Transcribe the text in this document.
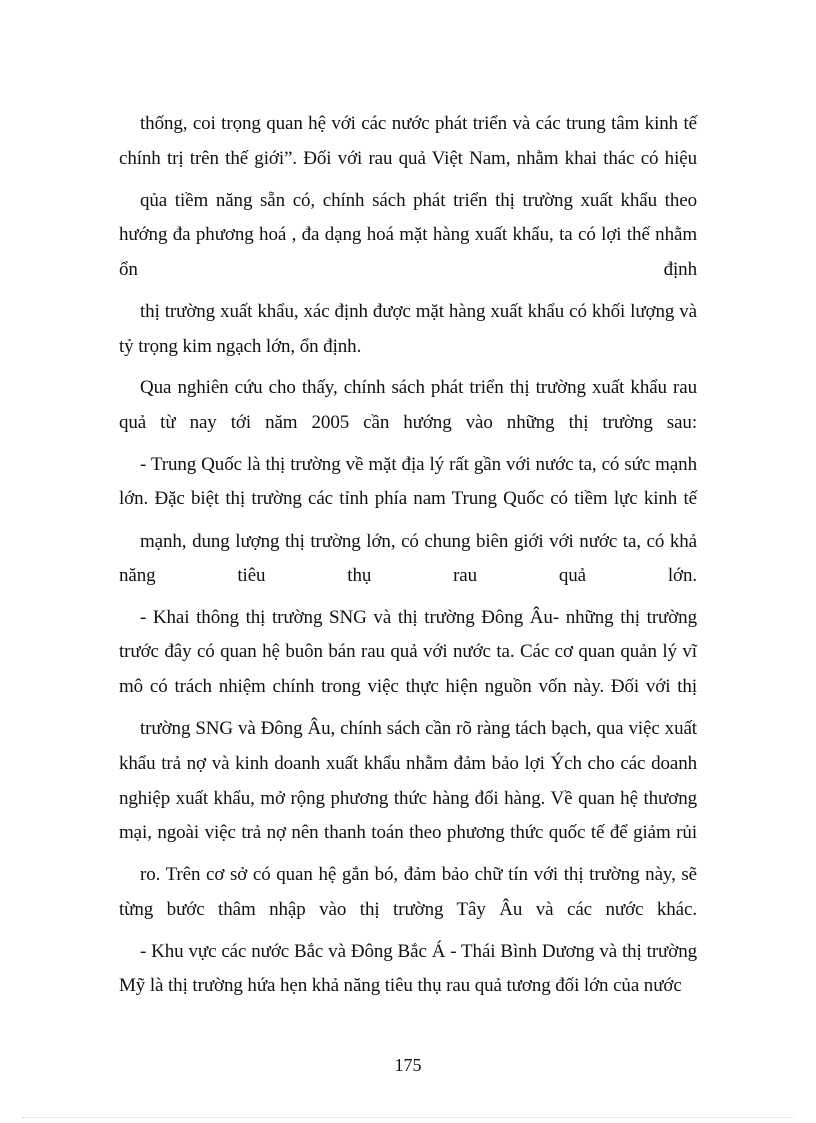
thống, coi trọng quan hệ với các nước phát triển và các trung tâm kinh tế
chính trị trên thế giới”. Đối với rau quả Việt Nam, nhằm khai thác có hiệu
qủa tiềm năng sẵn có, chính sách phát triển thị trường xuất khẩu theo
hướng đa phương hoá , đa dạng hoá mặt hàng xuất khẩu, ta có lợi thế nhằm
ổn định
thị trường xuất khẩu, xác định được mặt hàng xuất khẩu có khối lượng và
tỷ trọng kim ngạch lớn, ổn định.
Qua nghiên cứu cho thấy, chính sách phát triển thị trường xuất khẩu rau
quả từ nay tới năm 2005 cần hướng vào những thị trường sau:
- Trung Quốc là thị trường về mặt địa lý rất gần với nước ta, có sức mạnh
lớn. Đặc biệt thị trường các tỉnh phía nam Trung Quốc có tiềm lực kinh tế
mạnh, dung lượng thị trường lớn, có chung biên giới với nước ta, có khả
năng tiêu thụ rau quả lớn.
- Khai thông thị trường SNG và thị trường Đông Âu- những thị trường
trước đây có quan hệ buôn bán rau quả với nước ta. Các cơ quan quản lý vĩ
mô có trách nhiệm chính trong việc thực hiện nguồn vốn này. Đối với thị
trường SNG và Đông Âu, chính sách cần rõ ràng tách bạch, qua việc xuất
khẩu trả nợ và kinh doanh xuất khẩu nhằm đảm bảo lợi Ých cho các doanh
nghiệp xuất khẩu, mở rộng phương thức hàng đổi hàng. Về quan hệ thương
mại, ngoài việc trả nợ nên thanh toán theo phương thức quốc tế để giảm rủi
ro. Trên cơ sở có quan hệ gắn bó, đảm bảo chữ tín với thị trường này, sẽ
từng bước thâm nhập vào thị trường Tây Âu và các nước khác.
- Khu vực các nước Bắc và Đông Bắc Á - Thái Bình Dương và thị trường
Mỹ là thị trường hứa hẹn khả năng tiêu thụ rau quả tương đối lớn của nước
175
